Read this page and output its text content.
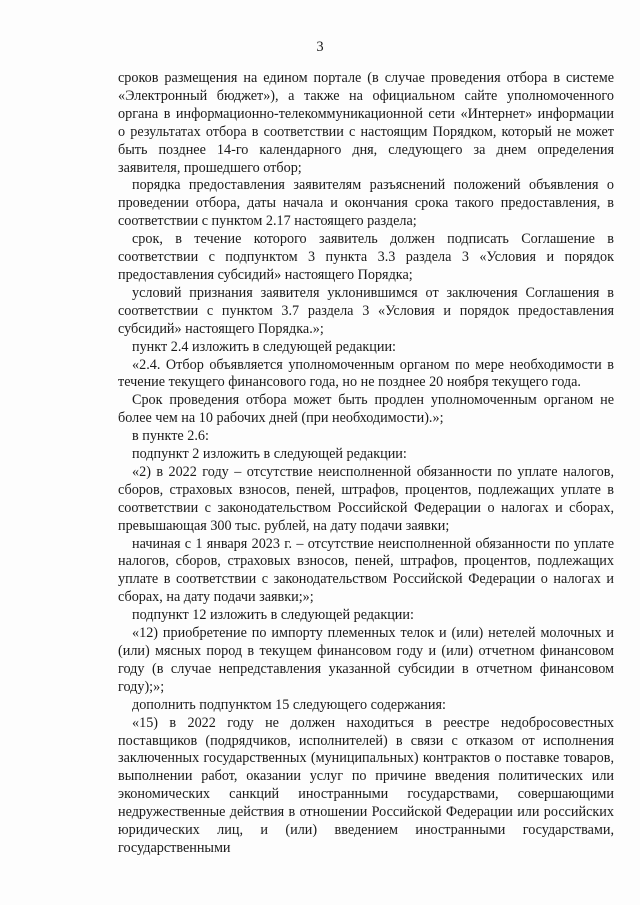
3

сроков размещения на едином портале (в случае проведения отбора в системе «Электронный бюджет»), а также на официальном сайте уполномоченного органа в информационно-телекоммуникационной сети «Интернет» информации о результатах отбора в соответствии с настоящим Порядком, который не может быть позднее 14-го календарного дня, следующего за днем определения заявителя, прошедшего отбор;

порядка предоставления заявителям разъяснений положений объявления о проведении отбора, даты начала и окончания срока такого предоставления, в соответствии с пунктом 2.17 настоящего раздела;

срок, в течение которого заявитель должен подписать Соглашение в соответствии с подпунктом 3 пункта 3.3 раздела 3 «Условия и порядок предоставления субсидий» настоящего Порядка;

условий признания заявителя уклонившимся от заключения Соглашения в соответствии с пунктом 3.7 раздела 3 «Условия и порядок предоставления субсидий» настоящего Порядка.»;

пункт 2.4 изложить в следующей редакции:

«2.4. Отбор объявляется уполномоченным органом по мере необходимости в течение текущего финансового года, но не позднее 20 ноября текущего года.

Срок проведения отбора может быть продлен уполномоченным органом не более чем на 10 рабочих дней (при необходимости).»;

в пункте 2.6:

подпункт 2 изложить в следующей редакции:

«2) в 2022 году – отсутствие неисполненной обязанности по уплате налогов, сборов, страховых взносов, пеней, штрафов, процентов, подлежащих уплате в соответствии с законодательством Российской Федерации о налогах и сборах, превышающая 300 тыс. рублей, на дату подачи заявки;

начиная с 1 января 2023 г. – отсутствие неисполненной обязанности по уплате налогов, сборов, страховых взносов, пеней, штрафов, процентов, подлежащих уплате в соответствии с законодательством Российской Федерации о налогах и сборах, на дату подачи заявки;»;

подпункт 12 изложить в следующей редакции:

«12) приобретение по импорту племенных телок и (или) нетелей молочных и (или) мясных пород в текущем финансовом году и (или) отчетном финансовом году (в случае непредставления указанной субсидии в отчетном финансовом году);»;

дополнить подпунктом 15 следующего содержания:

«15) в 2022 году не должен находиться в реестре недобросовестных поставщиков (подрядчиков, исполнителей) в связи с отказом от исполнения заключенных государственных (муниципальных) контрактов о поставке товаров, выполнении работ, оказании услуг по причине введения политических или экономических санкций иностранными государствами, совершающими недружественные действия в отношении Российской Федерации или российских юридических лиц, и (или) введением иностранными государствами, государственными
